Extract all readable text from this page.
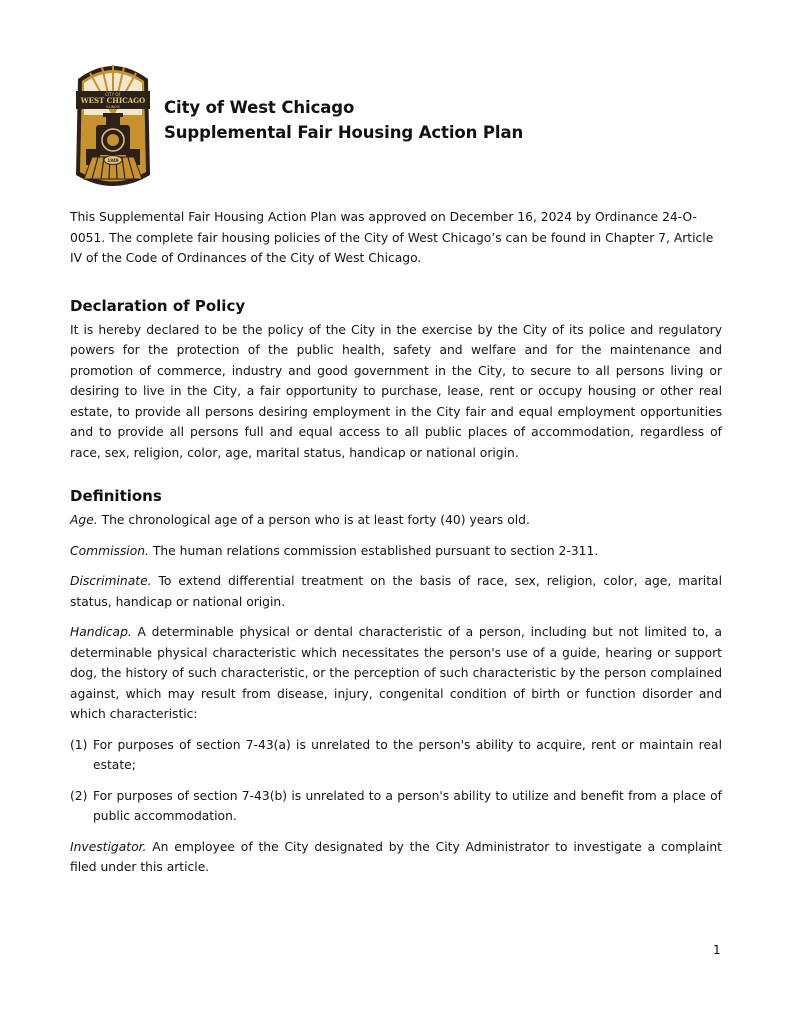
CITY OF
WEST CHICAGO
ILLINOIS
1849
City of West Chicago
Supplemental Fair Housing Action Plan

This Supplemental Fair Housing Action Plan was approved on December 16, 2024 by Ordinance 24-O-0051. The complete fair housing policies of the City of West Chicago’s can be found in Chapter 7, Article IV of the Code of Ordinances of the City of West Chicago.

Declaration of Policy

It is hereby declared to be the policy of the City in the exercise by the City of its police and regulatory powers for the protection of the public health, safety and welfare and for the maintenance and promotion of commerce, industry and good government in the City, to secure to all persons living or desiring to live in the City, a fair opportunity to purchase, lease, rent or occupy housing or other real estate, to provide all persons desiring employment in the City fair and equal employment opportunities and to provide all persons full and equal access to all public places of accommodation, regardless of race, sex, religion, color, age, marital status, handicap or national origin.

Definitions

Age. The chronological age of a person who is at least forty (40) years old.

Commission. The human relations commission established pursuant to section 2-311.

Discriminate. To extend differential treatment on the basis of race, sex, religion, color, age, marital status, handicap or national origin.

Handicap. A determinable physical or dental characteristic of a person, including but not limited to, a determinable physical characteristic which necessitates the person's use of a guide, hearing or support dog, the history of such characteristic, or the perception of such characteristic by the person complained against, which may result from disease, injury, congenital condition of birth or function disorder and which characteristic:

(1) For purposes of section 7-43(a) is unrelated to the person's ability to acquire, rent or maintain real estate;

(2) For purposes of section 7-43(b) is unrelated to a person's ability to utilize and benefit from a place of public accommodation.

Investigator. An employee of the City designated by the City Administrator to investigate a complaint filed under this article.

1
